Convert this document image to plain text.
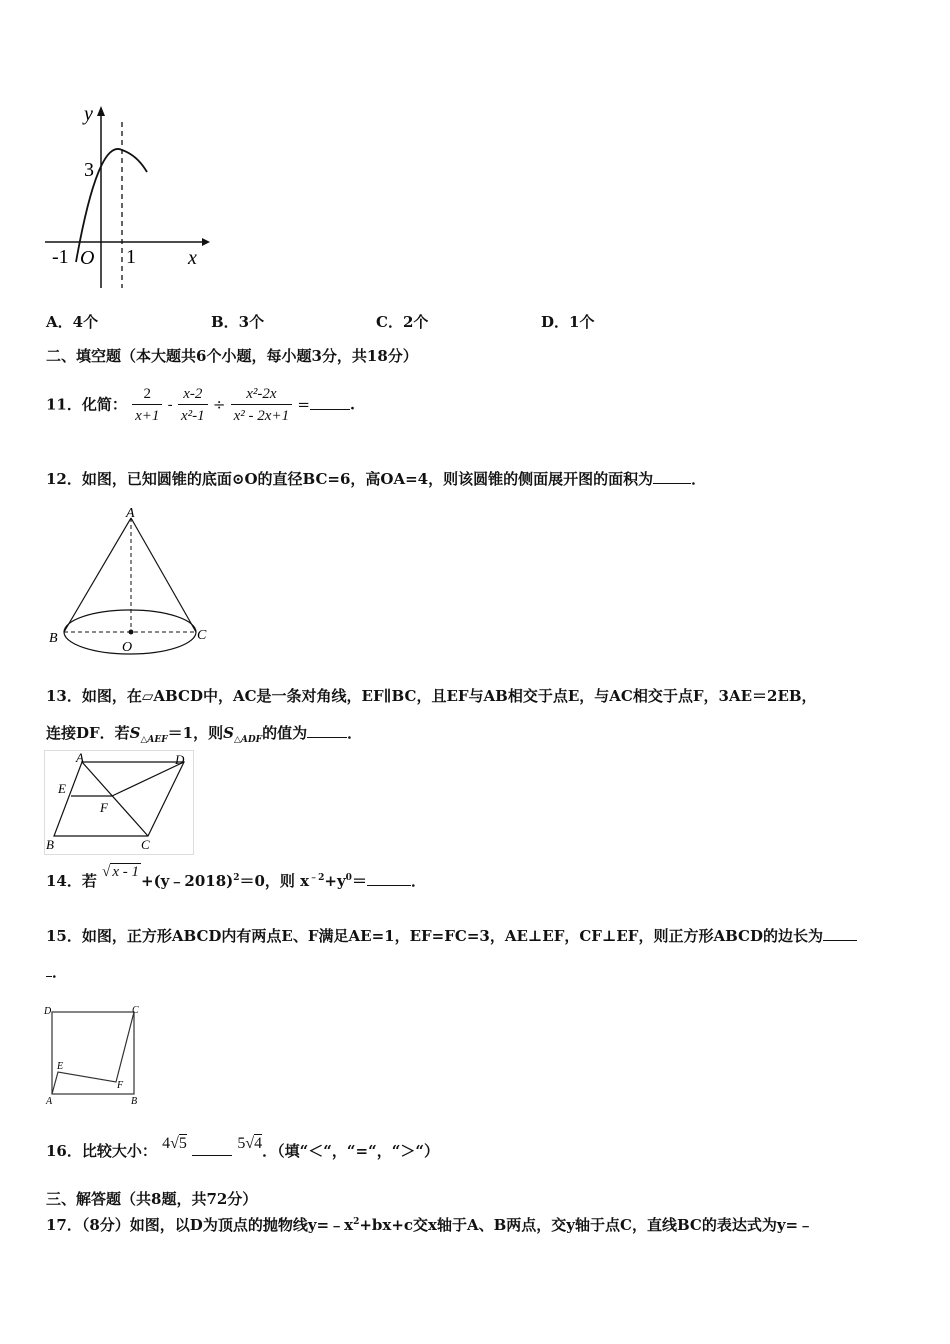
y
x
3
-1 O 1
A．4个	B．3个	C．2个	D．1个
二、填空题（本大题共6个小题，每小题3分，共18分）
11．化简： $\frac{2}{x+1} - \frac{x-2}{\text{x²-1}} \div \frac{\text{x²-2x}}{\text{x² - 2x+1}}$ =	.
12．如图，已知圆锥的底面⊙O的直径BC=6，高OA=4，则该圆锥的侧面展开图的面积为	．
A
B	C
O
13．如图，在▱ABCD中，AC是一条对角线，EF∥BC，且EF与AB相交于点E，与AC相交于点F，3AE＝2EB，
连接DF．若$S_{\triangle AEF}=1$，则$S_{\triangle ADF}$的值为	．
A	D
E
F
B	C
14．若 √ x - 1 +(y﹣2018)$^2$＝0，则 $x^{﹣2}+y^0=$	．
15．如图，正方形ABCD内有两点E、F满足AE=1，EF=FC=3，AE⊥EF，CF⊥EF，则正方形ABCD的边长为
．
D	C
E
F
A	B
16．比较大小： 4√5	5√4．（填“＜“，“=“，“＞“）
三、解答题（共8题，共72分）
17．（8分）如图，以D为顶点的抛物线$y=﹣x^2+bx+c$交x轴于A、B两点，交y轴于点C，直线BC的表达式为y=﹣
